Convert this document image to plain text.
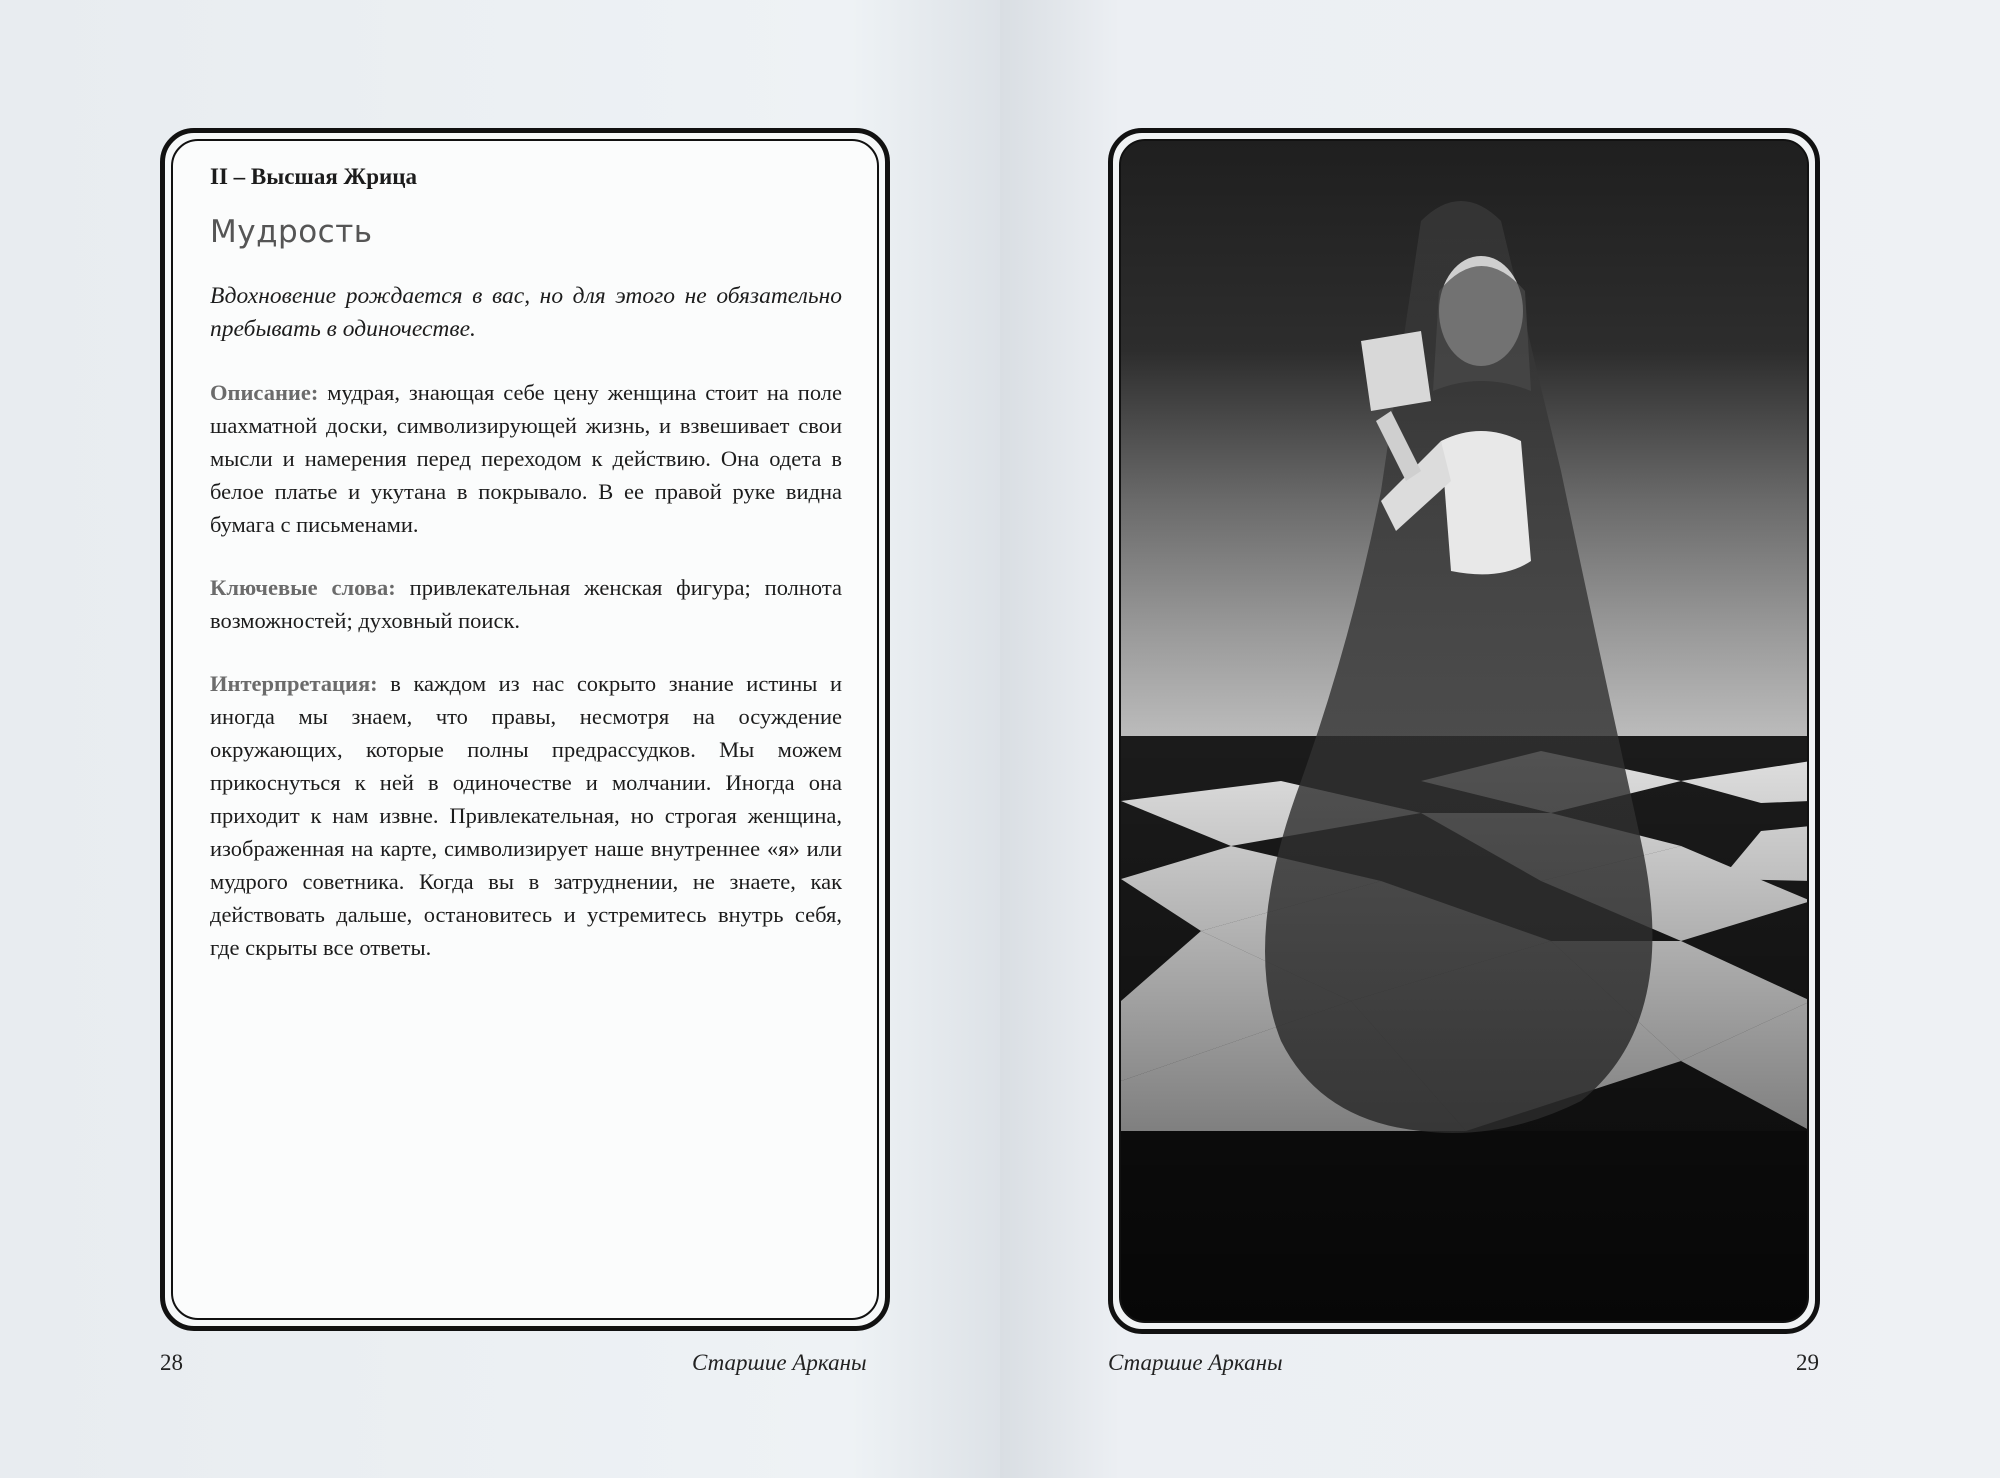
II – Высшая Жрица
Мудрость
Вдохновение рождается в вас, но для этого не обязательно пребывать в одиночестве.
Описание: мудрая, знающая себе цену женщина стоит на поле шахматной доски, символизирующей жизнь, и взвешивает свои мысли и намерения перед переходом к действию. Она одета в белое платье и укутана в покрывало. В ее правой руке видна бумага с письменами.
Ключевые слова: привлекательная женская фигура; полнота возможностей; духовный поиск.
Интерпретация: в каждом из нас сокрыто знание истины и иногда мы знаем, что правы, несмотря на осуждение окружающих, которые полны предрассудков. Мы можем прикоснуться к ней в одиночестве и молчании. Иногда она приходит к нам извне. Привлекательная, но строгая женщина, изображенная на карте, символизирует наше внутреннее «я» или мудрого советника. Когда вы в затруднении, не знаете, как действовать дальше, остановитесь и устремитесь внутрь себя, где скрыты все ответы.
28	Старшие Арканы	Старшие Арканы	29
